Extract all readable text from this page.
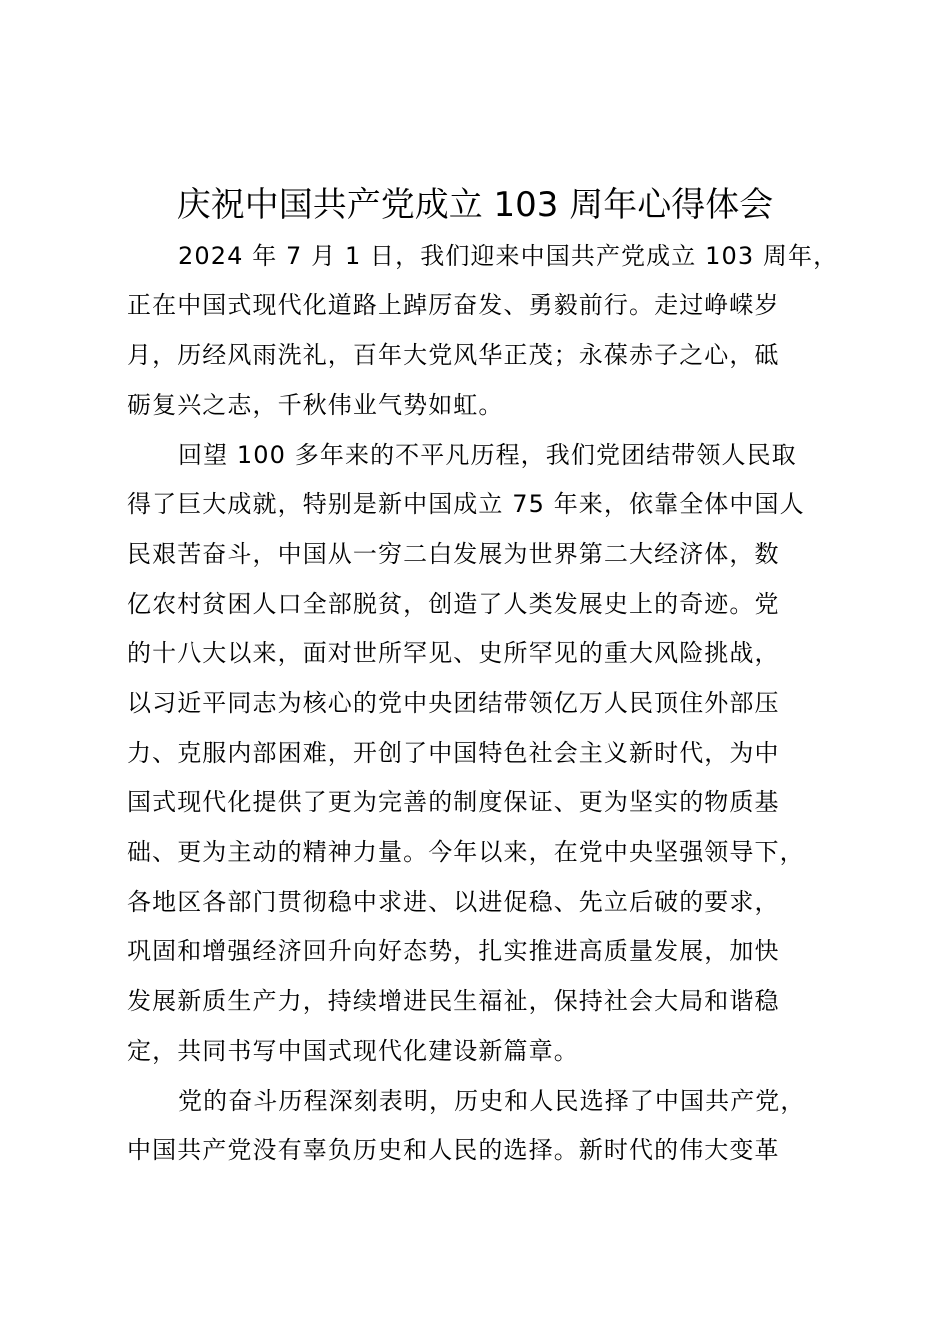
庆祝中国共产党成立 103 周年心得体会
2024 年 7 月 1 日，我们迎来中国共产党成立 103 周年，
正在中国式现代化道路上踔厉奋发、勇毅前行。走过峥嵘岁
月，历经风雨洗礼，百年大党风华正茂；永葆赤子之心，砥
砺复兴之志，千秋伟业气势如虹。
回望 100 多年来的不平凡历程，我们党团结带领人民取
得了巨大成就，特别是新中国成立 75 年来，依靠全体中国人
民艰苦奋斗，中国从一穷二白发展为世界第二大经济体，数
亿农村贫困人口全部脱贫，创造了人类发展史上的奇迹。党
的十八大以来，面对世所罕见、史所罕见的重大风险挑战，
以习近平同志为核心的党中央团结带领亿万人民顶住外部压
力、克服内部困难，开创了中国特色社会主义新时代，为中
国式现代化提供了更为完善的制度保证、更为坚实的物质基
础、更为主动的精神力量。今年以来，在党中央坚强领导下，
各地区各部门贯彻稳中求进、以进促稳、先立后破的要求，
巩固和增强经济回升向好态势，扎实推进高质量发展，加快
发展新质生产力，持续增进民生福祉，保持社会大局和谐稳
定，共同书写中国式现代化建设新篇章。
党的奋斗历程深刻表明，历史和人民选择了中国共产党，
中国共产党没有辜负历史和人民的选择。新时代的伟大变革
